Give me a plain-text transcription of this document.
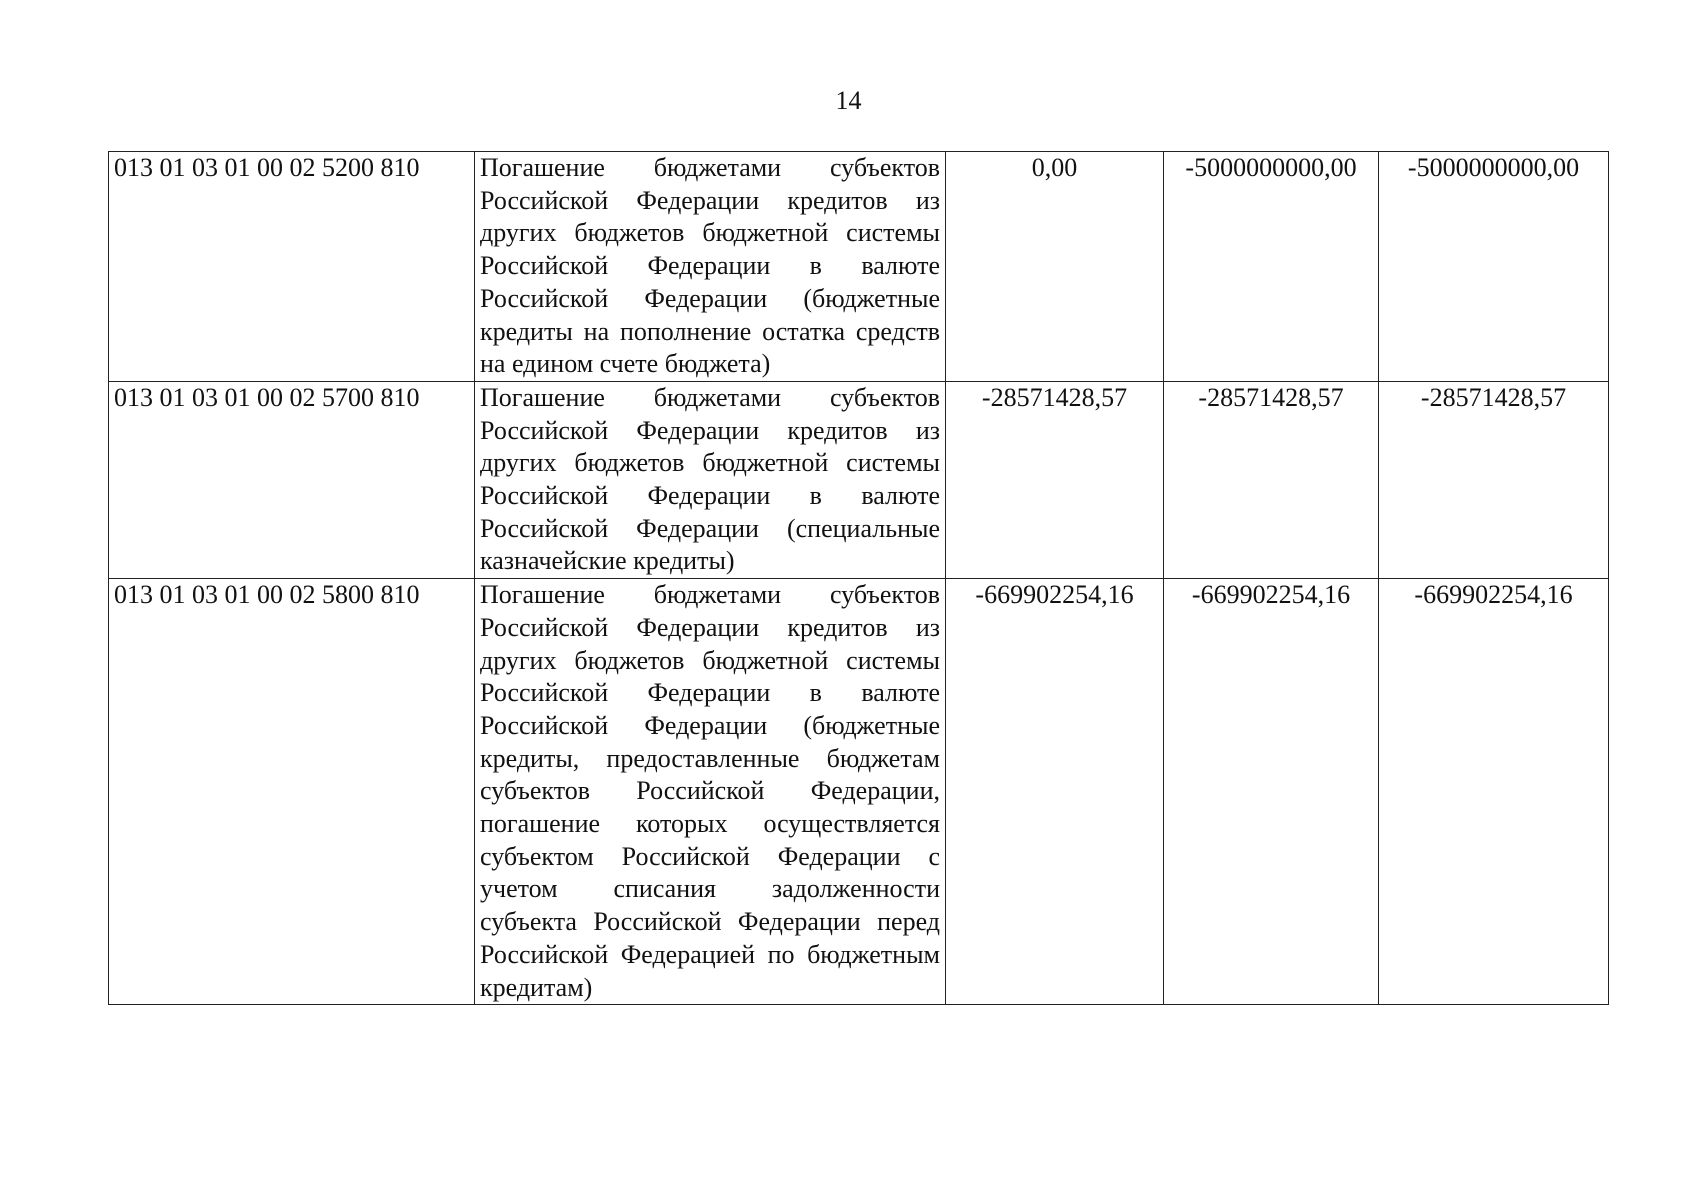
14
013 01 03 01 00 02 5200 810	Погашение бюджетами субъектов Российской Федерации кредитов из других бюджетов бюджетной системы Российской Федерации в валюте Российской Федерации (бюджетные кредиты на пополнение остатка средств на едином счете бюджета)	0,00	-5000000000,00	-5000000000,00
013 01 03 01 00 02 5700 810	Погашение бюджетами субъектов Российской Федерации кредитов из других бюджетов бюджетной системы Российской Федерации в валюте Российской Федерации (специальные казначейские кредиты)	-28571428,57	-28571428,57	-28571428,57
013 01 03 01 00 02 5800 810	Погашение бюджетами субъектов Российской Федерации кредитов из других бюджетов бюджетной системы Российской Федерации в валюте Российской Федерации (бюджетные кредиты, предоставленные бюджетам субъектов Российской Федерации, погашение которых осуществляется субъектом Российской Федерации с учетом списания задолженности субъекта Российской Федерации перед Российской Федерацией по бюджетным кредитам)	-669902254,16	-669902254,16	-669902254,16
